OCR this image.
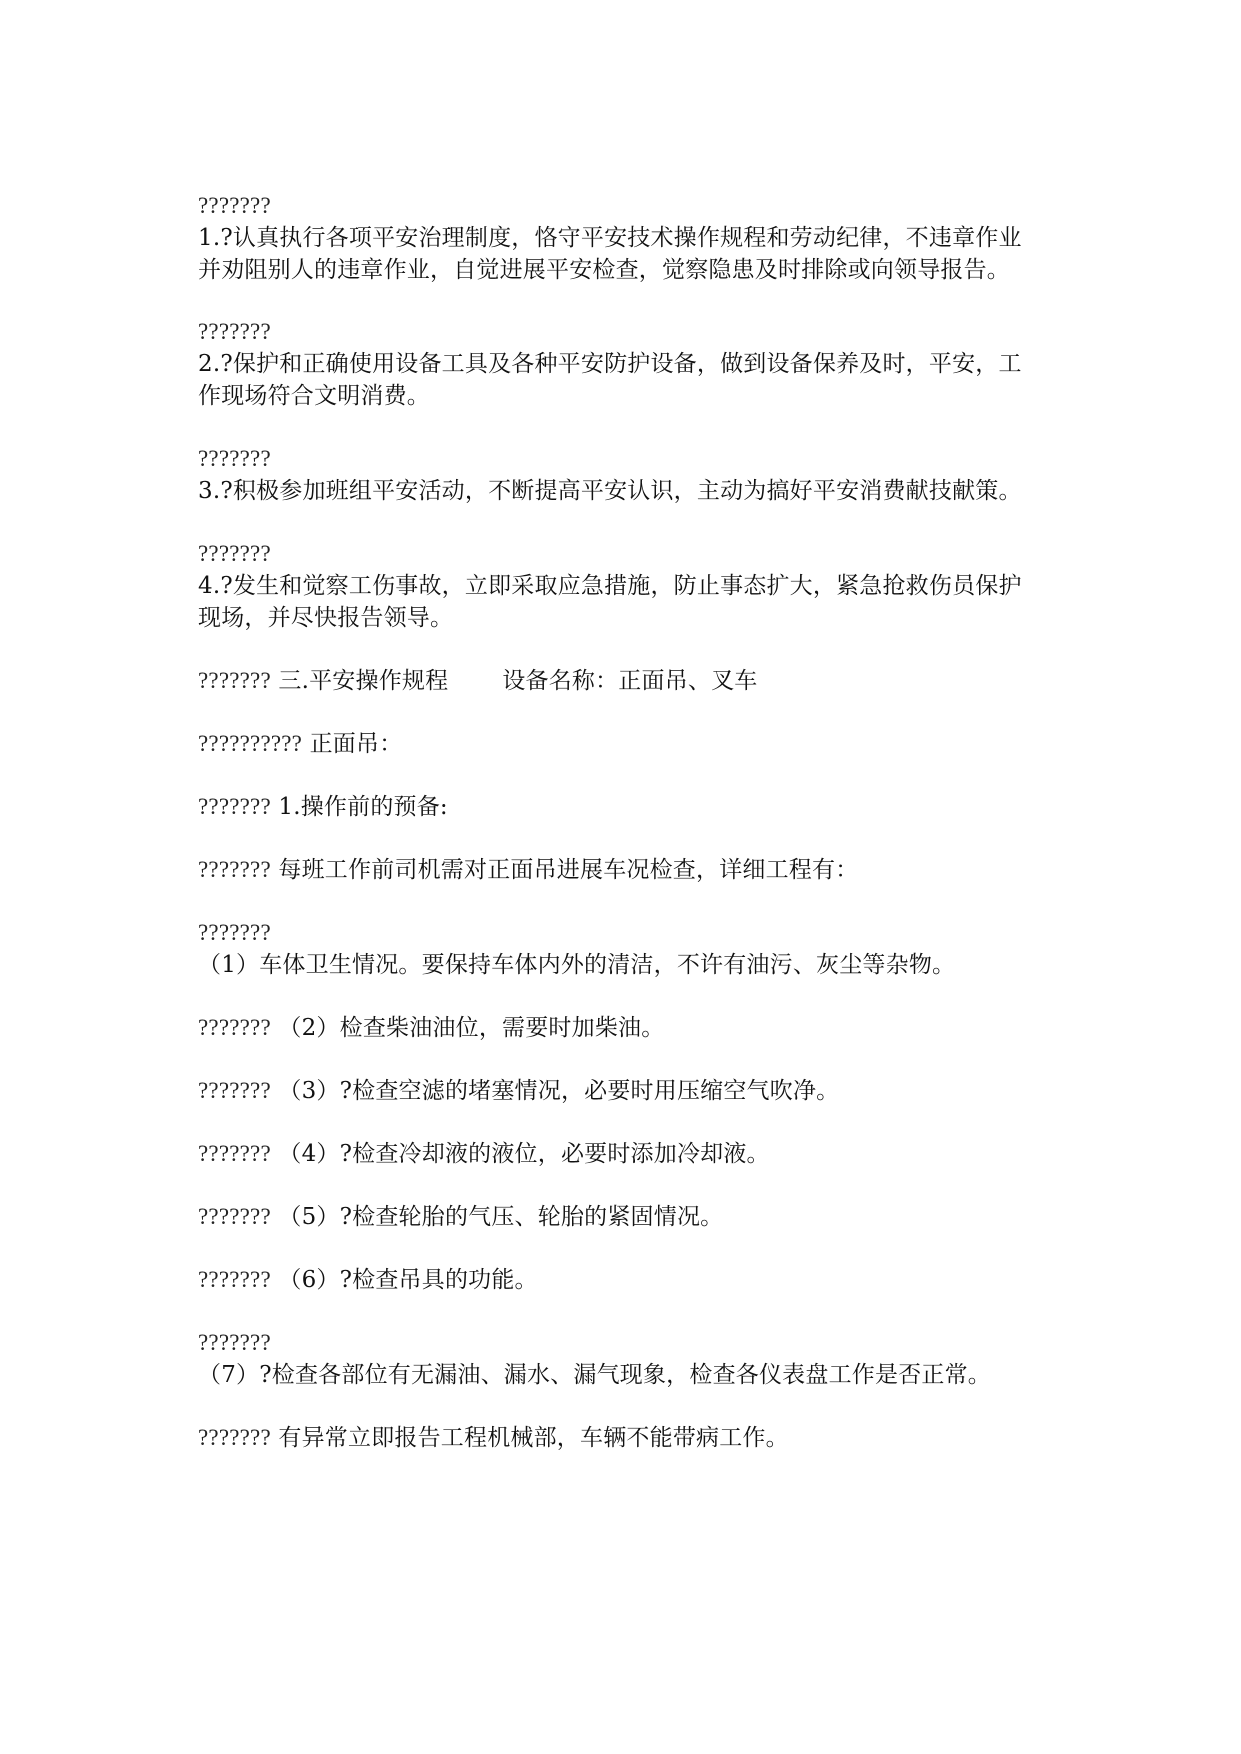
???????
1.?认真执行各项平安治理制度，恪守平安技术操作规程和劳动纪律，不违章作业并劝阻别人的违章作业，自觉进展平安检查，觉察隐患及时排除或向领导报告。
???????
2.?保护和正确使用设备工具及各种平安防护设备，做到设备保养及时，平安，工作现场符合文明消费。
???????
3.?积极参加班组平安活动，不断提高平安认识，主动为搞好平安消费献技献策。
???????
4.?发生和觉察工伤事故，立即采取应急措施，防止事态扩大，紧急抢救伤员保护现场，并尽快报告领导。
??????? 三.平安操作规程 设备名称：正面吊、叉车
?????????? 正面吊：
??????? 1.操作前的预备:
??????? 每班工作前司机需对正面吊进展车况检查，详细工程有：
???????
（1）车体卫生情况。要保持车体内外的清洁，不许有油污、灰尘等杂物。
??????? （2）检查柴油油位，需要时加柴油。
??????? （3）?检查空滤的堵塞情况，必要时用压缩空气吹净。
??????? （4）?检查冷却液的液位，必要时添加冷却液。
??????? （5）?检查轮胎的气压、轮胎的紧固情况。
??????? （6）?检查吊具的功能。
???????
（7）?检查各部位有无漏油、漏水、漏气现象，检查各仪表盘工作是否正常。
??????? 有异常立即报告工程机械部，车辆不能带病工作。
